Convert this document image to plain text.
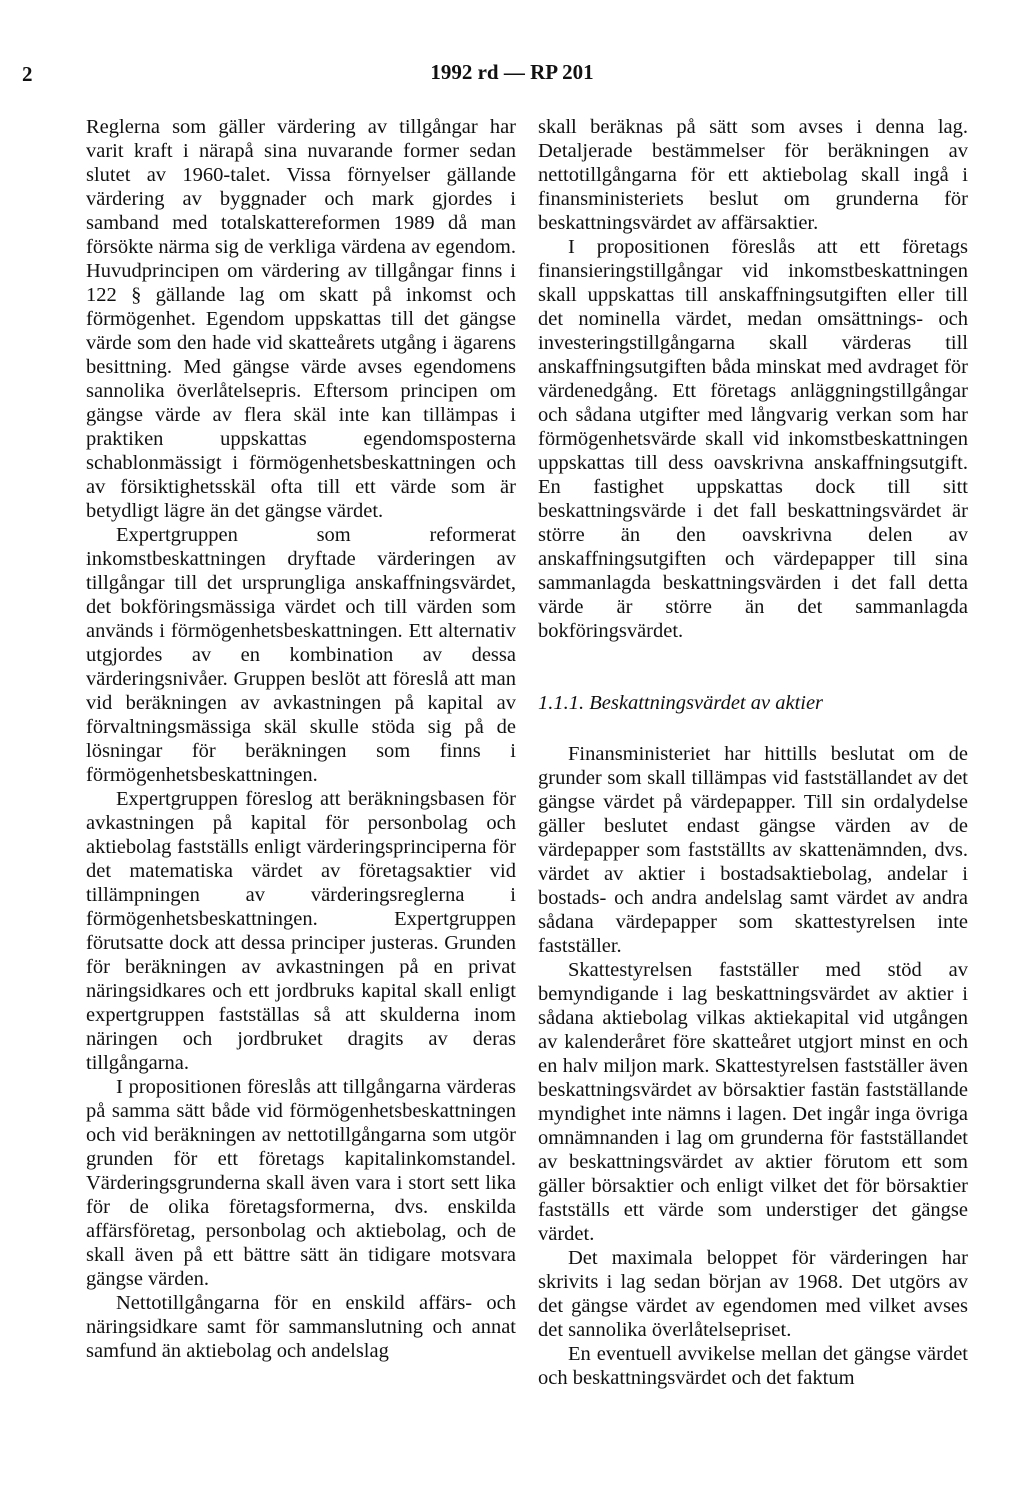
2	1992 rd — RP 201

Reglerna som gäller värdering av tillgångar har varit kraft i närapå sina nuvarande former sedan slutet av 1960-talet. Vissa förnyelser gällande värdering av byggnader och mark gjordes i samband med totalskattereformen 1989 då man försökte närma sig de verkliga värdena av egendom. Huvudprincipen om värdering av tillgångar finns i 122 § gällande lag om skatt på inkomst och förmögenhet. Egendom uppskattas till det gängse värde som den hade vid skatteårets utgång i ägarens besittning. Med gängse värde avses egendomens sannolika överlåtelsepris. Eftersom principen om gängse värde av flera skäl inte kan tillämpas i praktiken uppskattas egendomsposterna schablonmässigt i förmögenhetsbeskattningen och av försiktighetsskäl ofta till ett värde som är betydligt lägre än det gängse värdet.

Expertgruppen som reformerat inkomstbeskattningen dryftade värderingen av tillgångar till det ursprungliga anskaffningsvärdet, det bokföringsmässiga värdet och till värden som används i förmögenhetsbeskattningen. Ett alternativ utgjordes av en kombination av dessa värderingsnivåer. Gruppen beslöt att föreslå att man vid beräkningen av avkastningen på kapital av förvaltningsmässiga skäl skulle stöda sig på de lösningar för beräkningen som finns i förmögenhetsbeskattningen.

Expertgruppen föreslog att beräkningsbasen för avkastningen på kapital för personbolag och aktiebolag fastställs enligt värderingsprinciperna för det matematiska värdet av företagsaktier vid tillämpningen av värderingsreglerna i förmögenhetsbeskattningen. Expertgruppen förutsatte dock att dessa principer justeras. Grunden för beräkningen av avkastningen på en privat näringsidkares och ett jordbruks kapital skall enligt expertgruppen fastställas så att skulderna inom näringen och jordbruket dragits av deras tillgångarna.

I propositionen föreslås att tillgångarna värderas på samma sätt både vid förmögenhetsbeskattningen och vid beräkningen av nettotillgångarna som utgör grunden för ett företags kapitalinkomstandel. Värderingsgrunderna skall även vara i stort sett lika för de olika företagsformerna, dvs. enskilda affärsföretag, personbolag och aktiebolag, och de skall även på ett bättre sätt än tidigare motsvara gängse värden.

Nettotillgångarna för en enskild affärs- och näringsidkare samt för sammanslutning och annat samfund än aktiebolag och andelslag

skall beräknas på sätt som avses i denna lag. Detaljerade bestämmelser för beräkningen av nettotillgångarna för ett aktiebolag skall ingå i finansministeriets beslut om grunderna för beskattningsvärdet av affärsaktier.

I propositionen föreslås att ett företags finansieringstillgångar vid inkomstbeskattningen skall uppskattas till anskaffningsutgiften eller till det nominella värdet, medan omsättnings- och investeringstillgångarna skall värderas till anskaffningsutgiften båda minskat med avdraget för värdenedgång. Ett företags anläggningstillgångar och sådana utgifter med långvarig verkan som har förmögenhetsvärde skall vid inkomstbeskattningen uppskattas till dess oavskrivna anskaffningsutgift. En fastighet uppskattas dock till sitt beskattningsvärde i det fall beskattningsvärdet är större än den oavskrivna delen av anskaffningsutgiften och värdepapper till sina sammanlagda beskattningsvärden i det fall detta värde är större än det sammanlagda bokföringsvärdet.

1.1.1. Beskattningsvärdet av aktier

Finansministeriet har hittills beslutat om de grunder som skall tillämpas vid fastställandet av det gängse värdet på värdepapper. Till sin ordalydelse gäller beslutet endast gängse värden av de värdepapper som fastställts av skattenämnden, dvs. värdet av aktier i bostadsaktiebolag, andelar i bostads- och andra andelslag samt värdet av andra sådana värdepapper som skattestyrelsen inte fastställer.

Skattestyrelsen fastställer med stöd av bemyndigande i lag beskattningsvärdet av aktier i sådana aktiebolag vilkas aktiekapital vid utgången av kalenderåret före skatteåret utgjort minst en och en halv miljon mark. Skattestyrelsen fastställer även beskattningsvärdet av börsaktier fastän fastställande myndighet inte nämns i lagen. Det ingår inga övriga omnämnanden i lag om grunderna för fastställandet av beskattningsvärdet av aktier förutom ett som gäller börsaktier och enligt vilket det för börsaktier fastställs ett värde som understiger det gängse värdet.

Det maximala beloppet för värderingen har skrivits i lag sedan början av 1968. Det utgörs av det gängse värdet av egendomen med vilket avses det sannolika överlåtelsepriset.

En eventuell avvikelse mellan det gängse värdet och beskattningsvärdet och det faktum
